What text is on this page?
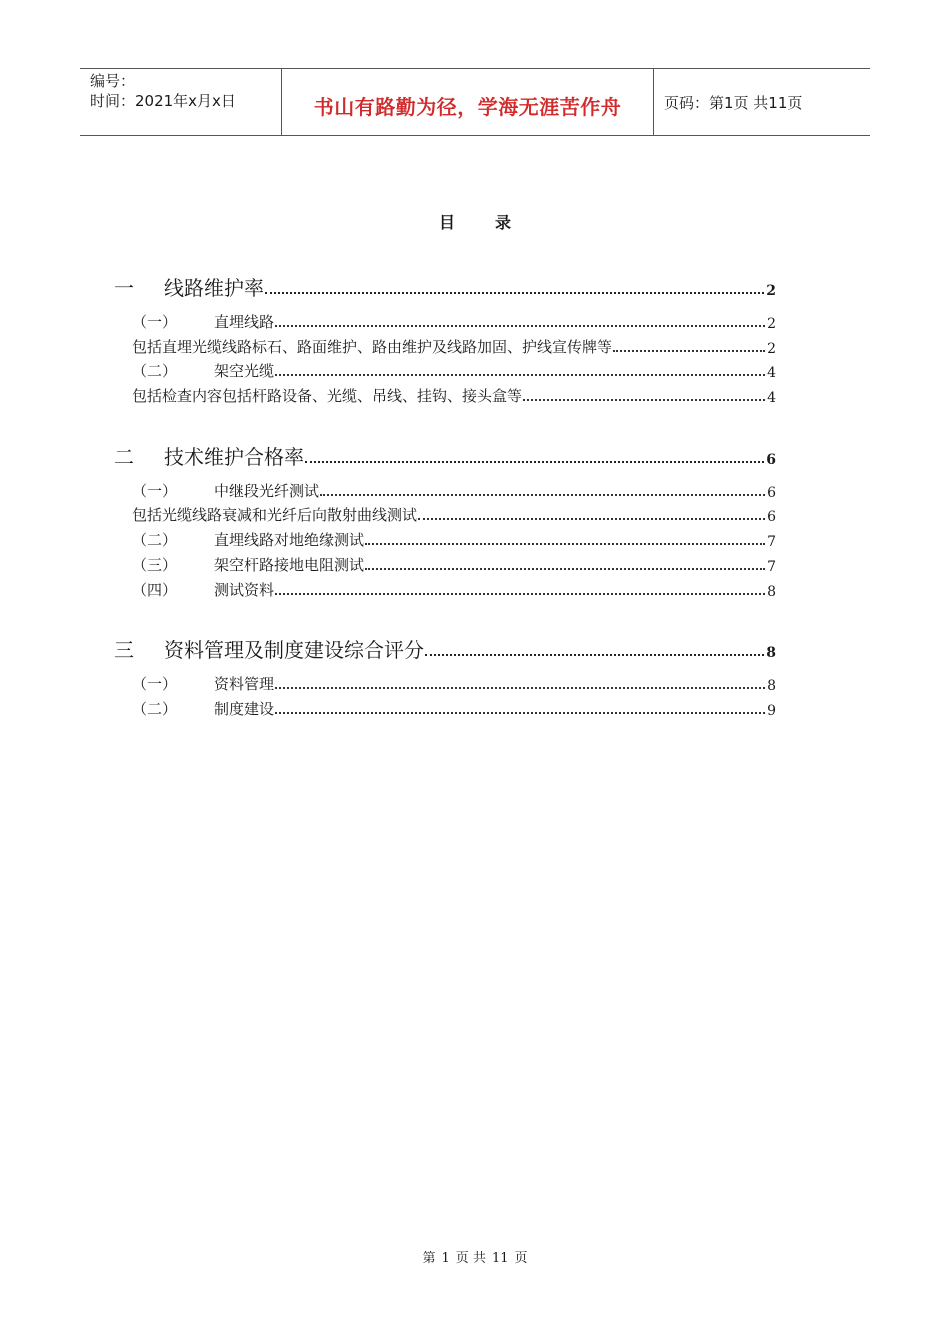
编号：
时间：2021年x月x日	书山有路勤为径，学海无涯苦作舟	页码：第1页 共11页
目	录
一 线路维护率	2
（一） 直埋线路	2
包括直埋光缆线路标石、路面维护、路由维护及线路加固、护线宣传牌等	2
（二） 架空光缆	4
包括检查内容包括杆路设备、光缆、吊线、挂钩、接头盒等	4
二 技术维护合格率	6
（一） 中继段光纤测试	6
包括光缆线路衰减和光纤后向散射曲线测试	6
（二） 直埋线路对地绝缘测试	7
（三） 架空杆路接地电阻测试	7
（四） 测试资料	8
三 资料管理及制度建设综合评分	8
（一） 资料管理	8
（二） 制度建设	9
第 1 页 共 11 页
